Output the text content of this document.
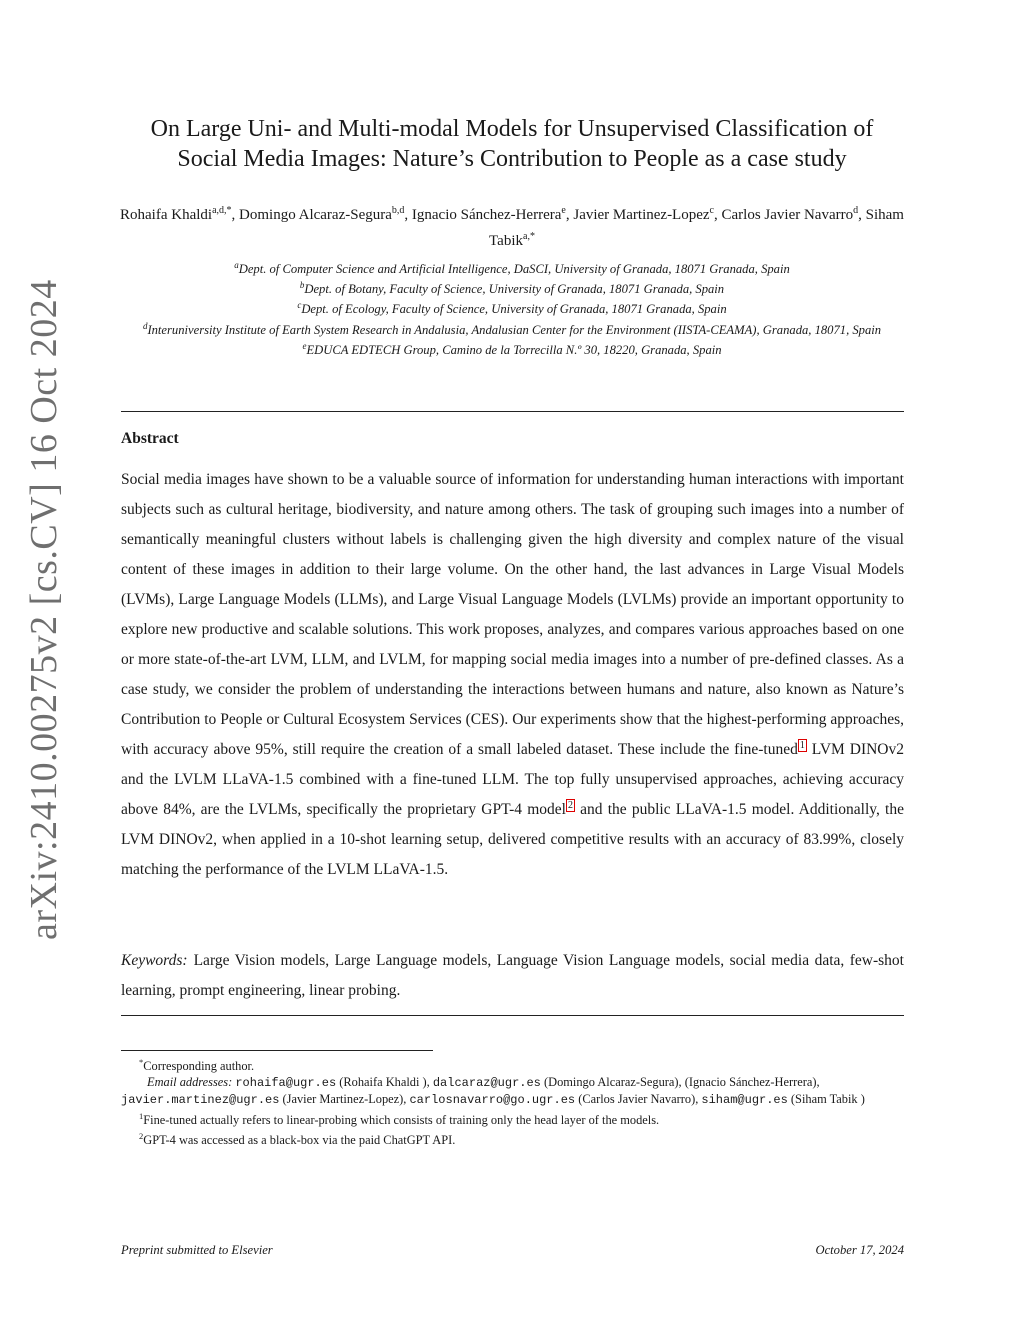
arXiv:2410.00275v2 [cs.CV] 16 Oct 2024
On Large Uni- and Multi-modal Models for Unsupervised Classification of
Social Media Images: Nature’s Contribution to People as a case study
Rohaifa Khaldi$^{a,d,*}$, Domingo Alcaraz-Segura$^{b,d}$, Ignacio Sánchez-Herrera$^e$, Javier Martinez-Lopez$^c$, Carlos Javier Navarro$^d$, Siham Tabik$^{a,*}$
$^a$Dept. of Computer Science and Artificial Intelligence, DaSCI, University of Granada, 18071 Granada, Spain
$^b$Dept. of Botany, Faculty of Science, University of Granada, 18071 Granada, Spain
$^c$Dept. of Ecology, Faculty of Science, University of Granada, 18071 Granada, Spain
$^d$Interuniversity Institute of Earth System Research in Andalusia, Andalusian Center for the Environment (IISTA-CEAMA), Granada, 18071, Spain
$^e$EDUCA EDTECH Group, Camino de la Torrecilla N.º 30, 18220, Granada, Spain
Abstract
Social media images have shown to be a valuable source of information for understanding human interactions with important subjects such as cultural heritage, biodiversity, and nature among others. The task of grouping such images into a number of semantically meaningful clusters without labels is challenging given the high diversity and complex nature of the visual content of these images in addition to their large volume. On the other hand, the last advances in Large Visual Models (LVMs), Large Language Models (LLMs), and Large Visual Language Models (LVLMs) provide an important opportunity to explore new productive and scalable solutions. This work proposes, analyzes, and compares various approaches based on one or more state-of-the-art LVM, LLM, and LVLM, for mapping social media images into a number of pre-defined classes. As a case study, we consider the problem of understanding the interactions between humans and nature, also known as Nature’s Contribution to People or Cultural Ecosystem Services (CES). Our experiments show that the highest-performing approaches, with accuracy above 95%, still require the creation of a small labeled dataset. These include the fine-tuned $^1$ LVM DINOv2 and the LVLM LLaVA-1.5 combined with a fine-tuned LLM. The top fully unsupervised approaches, achieving accuracy above 84%, are the LVLMs, specifically the proprietary GPT-4 model $^2$ and the public LLaVA-1.5 model. Additionally, the LVM DINOv2, when applied in a 10-shot learning setup, delivered competitive results with an accuracy of 83.99%, closely matching the performance of the LVLM LLaVA-1.5.
Keywords: Large Vision models, Large Language models, Language Vision Language models, social media data, few-shot learning, prompt engineering, linear probing.
*Corresponding author.
Email addresses: rohaifa@ugr.es (Rohaifa Khaldi ), dalcaraz@ugr.es (Domingo Alcaraz-Segura), (Ignacio Sánchez-Herrera), javier.martinez@ugr.es (Javier Martinez-Lopez), carlosnavarro@go.ugr.es (Carlos Javier Navarro), siham@ugr.es (Siham Tabik )
$^1$Fine-tuned actually refers to linear-probing which consists of training only the head layer of the models.
$^2$GPT-4 was accessed as a black-box via the paid ChatGPT API.
Preprint submitted to Elsevier	October 17, 2024
